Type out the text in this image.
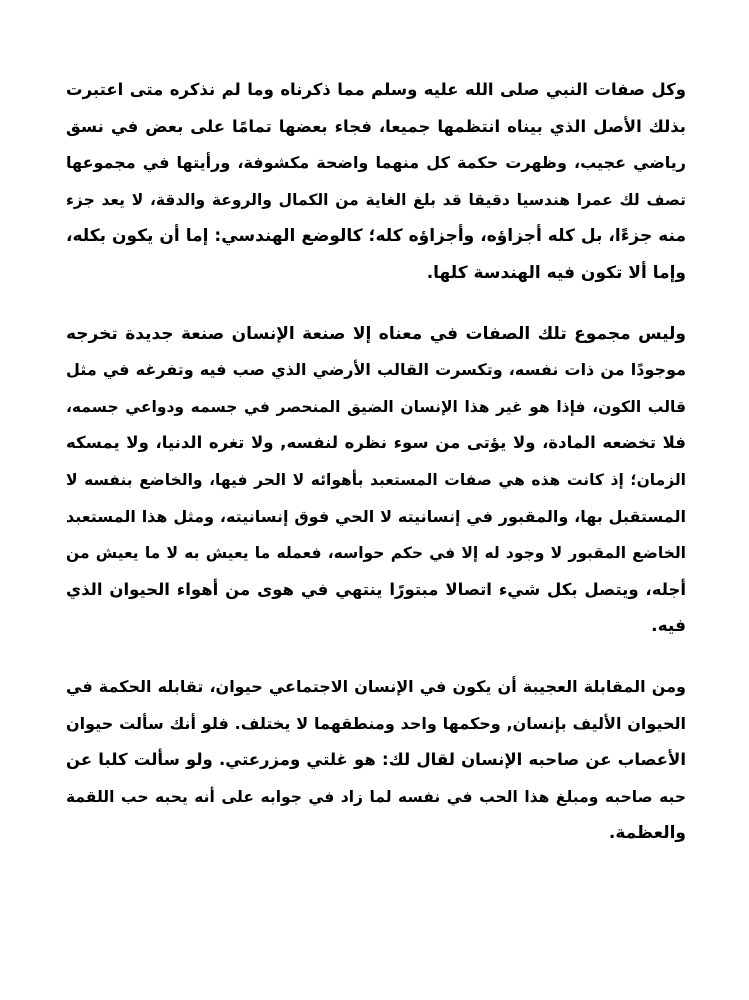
وكل صفات النبي صلى الله عليه وسلم مما ذكرناه وما لم نذكره متى اعتبرت
بذلك الأصل الذي بيناه انتظمها جميعا، فجاء بعضها تمامًا على بعض في نسق
رياضي عجيب، وظهرت حكمة كل منهما واضحة مكشوفة، ورأيتها في مجموعها
تصف لك عمرا هندسيا دقيقا قد بلغ الغاية من الكمال والروعة والدقة، لا يعد جزء
منه جزءًا، بل كله أجزاؤه، وأجزاؤه كله؛ كالوضع الهندسي: إما أن يكون بكله،
وإما ألا تكون فيه الهندسة كلها.
وليس مجموع تلك الصفات في معناه إلا صنعة الإنسان صنعة جديدة تخرجه
موجودًا من ذات نفسه، وتكسرت القالب الأرضي الذي صب فيه وتفرغه في مثل
قالب الكون، فإذا هو غير هذا الإنسان الضيق المنحصر في جسمه ودواعي جسمه،
فلا تخضعه المادة، ولا يؤتى من سوء نظره لنفسه, ولا تغره الدنيا، ولا يمسكه
الزمان؛ إذ كانت هذه هي صفات المستعبد بأهوائه لا الحر فيها، والخاضع بنفسه لا
المستقبل بها، والمقبور في إنسانيته لا الحي فوق إنسانيته، ومثل هذا المستعبد
الخاضع المقبور لا وجود له إلا في حكم حواسه، فعمله ما يعيش به لا ما يعيش من
أجله، ويتصل بكل شيء اتصالا مبتورًا ينتهي في هوى من أهواء الحيوان الذي
فيه.
ومن المقابلة العجيبة أن يكون في الإنسان الاجتماعي حيوان، تقابله الحكمة في
الحيوان الأليف بإنسان, وحكمها واحد ومنطقهما لا يختلف. فلو أنك سألت حيوان
الأعصاب عن صاحبه الإنسان لقال لك: هو غلتي ومزرعتي. ولو سألت كلبا عن
حبه صاحبه ومبلغ هذا الحب في نفسه لما زاد في جوابه على أنه يحبه حب اللقمة
والعظمة.
